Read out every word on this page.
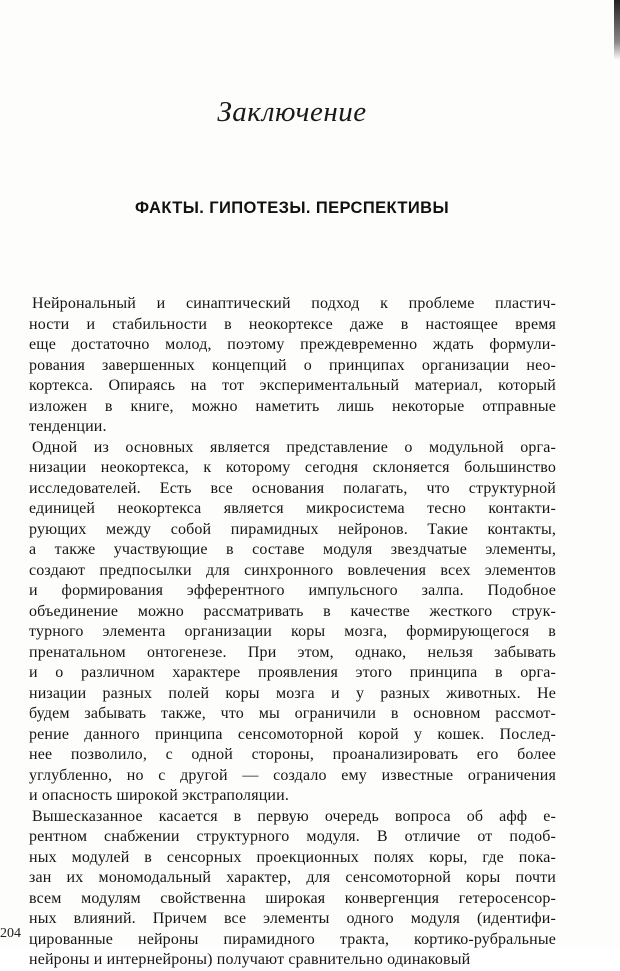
Заключение
ФАКТЫ. ГИПОТЕЗЫ. ПЕРСПЕКТИВЫ
Нейрональный и синаптический подход к проблеме пластич-
ности и стабильности в неокортексе даже в настоящее время
еще достаточно молод, поэтому преждевременно ждать формули-
рования завершенных концепций о принципах организации нео-
кортекса. Опираясь на тот экспериментальный материал, который
изложен в книге, можно наметить лишь некоторые отправные
тенденции.
Одной из основных является представление о модульной орга-
низации неокортекса, к которому сегодня склоняется большинство
исследователей. Есть все основания полагать, что структурной
единицей неокортекса является микросистема тесно контакти-
рующих между собой пирамидных нейронов. Такие контакты,
а также участвующие в составе модуля звездчатые элементы,
создают предпосылки для синхронного вовлечения всех элементов
и формирования эфферентного импульсного залпа. Подобное
объединение можно рассматривать в качестве жесткого струк-
турного элемента организации коры мозга, формирующегося в
пренатальном онтогенезе. При этом, однако, нельзя забывать
и о различном характере проявления этого принципа в орга-
низации разных полей коры мозга и у разных животных. Не
будем забывать также, что мы ограничили в основном рассмот-
рение данного принципа сенсомоторной корой у кошек. Послед-
нее позволило, с одной стороны, проанализировать его более
углубленно, но с другой — создало ему известные ограничения
и опасность широкой экстраполяции.
Вышесказанное касается в первую очередь вопроса об афф е-
рентном снабжении структурного модуля. В отличие от подоб-
ных модулей в сенсорных проекционных полях коры, где пока-
зан их мономодальный характер, для сенсомоторной коры почти
всем модулям свойственна широкая конвергенция гетеросенсор-
ных влияний. Причем все элементы одного модуля (идентифи-
цированные нейроны пирамидного тракта, кортико-рубральные
нейроны и интернейроны) получают сравнительно одинаковый
204
